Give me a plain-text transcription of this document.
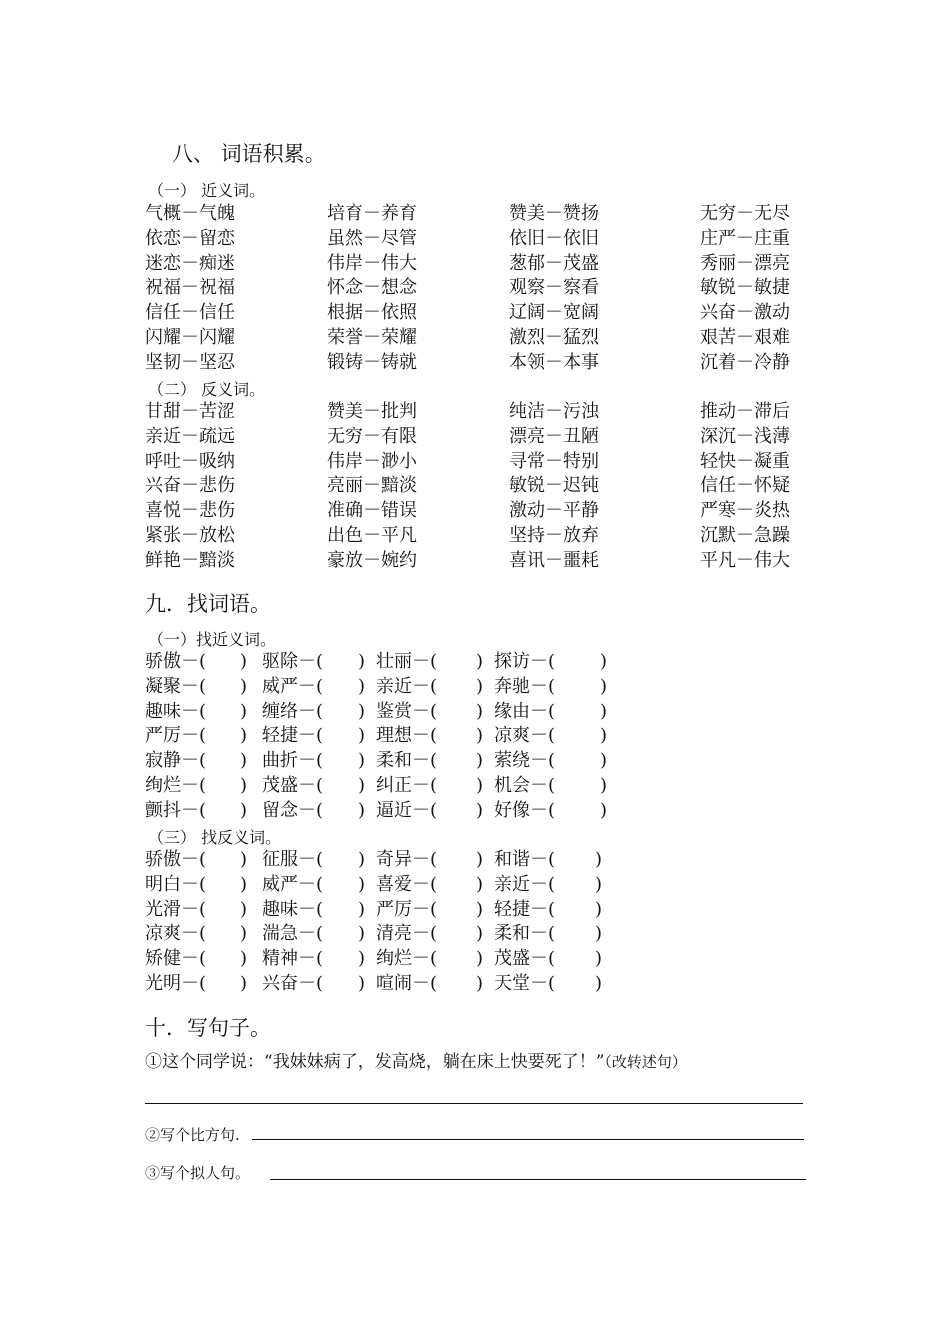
八、 词语积累。
（一） 近义词。
气概－气魄	培育－养育	赞美－赞扬	无穷－无尽
依恋－留恋	虽然－尽管	依旧－依旧	庄严－庄重
迷恋－痴迷	伟岸－伟大	葱郁－茂盛	秀丽－漂亮
祝福－祝福	怀念－想念	观察－察看	敏锐－敏捷
信任－信任	根据－依照	辽阔－宽阔	兴奋－激动
闪耀－闪耀	荣誉－荣耀	激烈－猛烈	艰苦－艰难
坚韧－坚忍	锻铸－铸就	本领－本事	沉着－冷静
（二） 反义词。
甘甜－苦涩	赞美－批判	纯洁－污浊	推动－滞后
亲近－疏远	无穷－有限	漂亮－丑陋	深沉－浅薄
呼吐－吸纳	伟岸－渺小	寻常－特别	轻快－凝重
兴奋－悲伤	亮丽－黯淡	敏锐－迟钝	信任－怀疑
喜悦－悲伤	准确－错误	激动－平静	严寒－炎热
紧张－放松	出色－平凡	坚持－放弃	沉默－急躁
鲜艳－黯淡	豪放－婉约	喜讯－噩耗	平凡－伟大
九．找词语。
（一）找近义词。
骄傲－( ) 驱除－( ) 壮丽－( ) 探访－( )
凝聚－( ) 威严－( ) 亲近－( ) 奔驰－( )
趣味－( ) 缠络－( ) 鉴赏－( ) 缘由－( )
严厉－( ) 轻捷－( ) 理想－( ) 凉爽－( )
寂静－( ) 曲折－( ) 柔和－( ) 萦绕－( )
绚烂－( ) 茂盛－( ) 纠正－( ) 机会－( )
颤抖－( ) 留念－( ) 逼近－( ) 好像－( )
（三） 找反义词。
骄傲－( ) 征服－( ) 奇异－( ) 和谐－( )
明白－( ) 威严－( ) 喜爱－( ) 亲近－( )
光滑－( ) 趣味－( ) 严厉－( ) 轻捷－( )
凉爽－( ) 湍急－( ) 清亮－( ) 柔和－( )
矫健－( ) 精神－( ) 绚烂－( ) 茂盛－( )
光明－( ) 兴奋－( ) 喧闹－( ) 天堂－( )
十．写句子。
①这个同学说：“我妹妹病了，发高烧，躺在床上快要死了！”（改转述句）
②写个比方句.
③写个拟人句。
